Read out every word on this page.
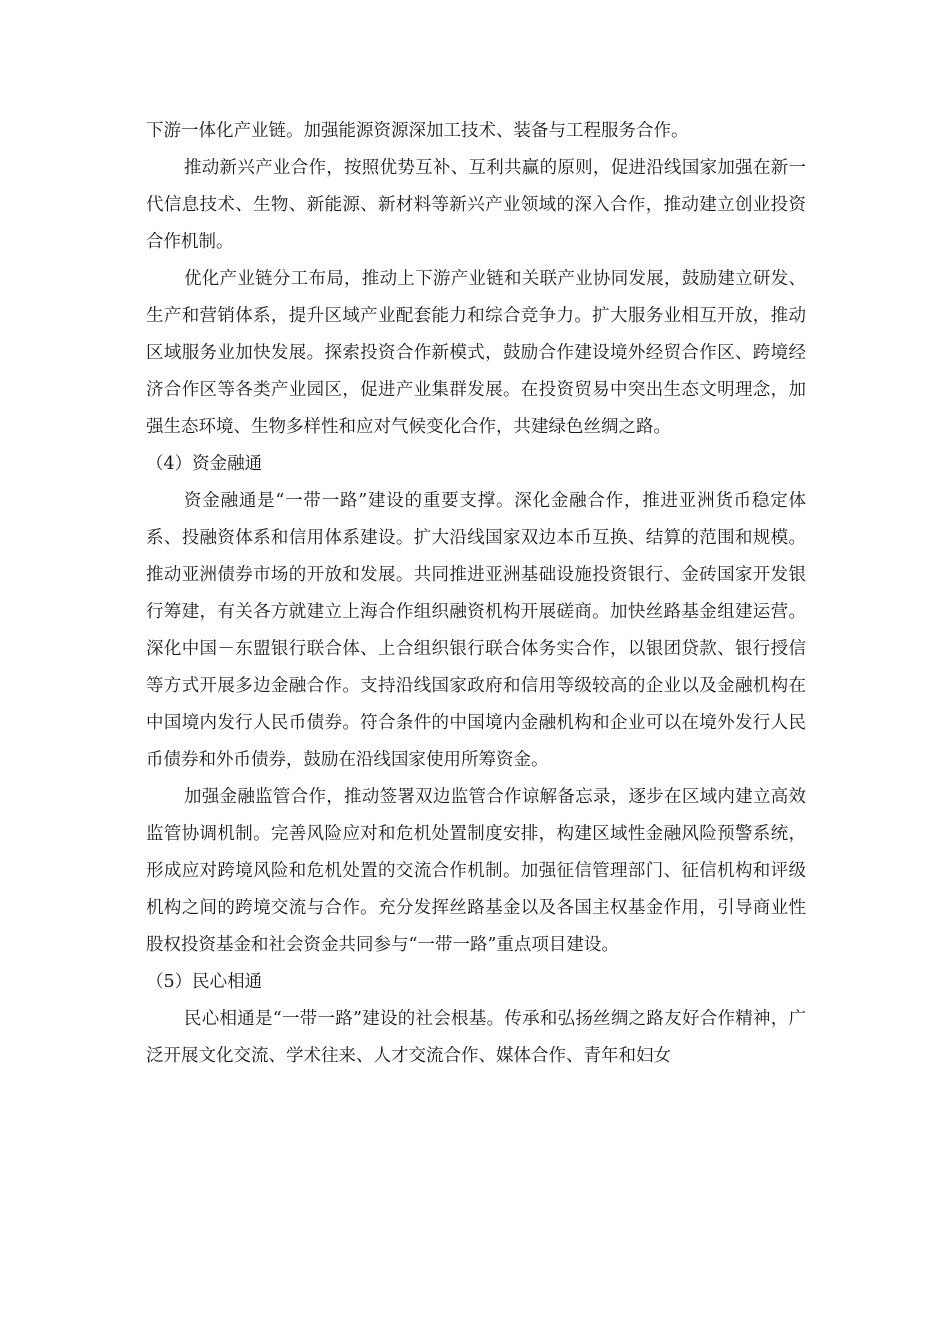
下游一体化产业链。加强能源资源深加工技术、装备与工程服务合作。

推动新兴产业合作，按照优势互补、互利共赢的原则，促进沿线国家加强在新一代信息技术、生物、新能源、新材料等新兴产业领域的深入合作，推动建立创业投资合作机制。

优化产业链分工布局，推动上下游产业链和关联产业协同发展，鼓励建立研发、生产和营销体系，提升区域产业配套能力和综合竞争力。扩大服务业相互开放，推动区域服务业加快发展。探索投资合作新模式，鼓励合作建设境外经贸合作区、跨境经济合作区等各类产业园区，促进产业集群发展。在投资贸易中突出生态文明理念，加强生态环境、生物多样性和应对气候变化合作，共建绿色丝绸之路。

（4）资金融通

资金融通是“一带一路”建设的重要支撑。深化金融合作，推进亚洲货币稳定体系、投融资体系和信用体系建设。扩大沿线国家双边本币互换、结算的范围和规模。推动亚洲债券市场的开放和发展。共同推进亚洲基础设施投资银行、金砖国家开发银行筹建，有关各方就建立上海合作组织融资机构开展磋商。加快丝路基金组建运营。深化中国－东盟银行联合体、上合组织银行联合体务实合作，以银团贷款、银行授信等方式开展多边金融合作。支持沿线国家政府和信用等级较高的企业以及金融机构在中国境内发行人民币债券。符合条件的中国境内金融机构和企业可以在境外发行人民币债券和外币债券，鼓励在沿线国家使用所筹资金。

加强金融监管合作，推动签署双边监管合作谅解备忘录，逐步在区域内建立高效监管协调机制。完善风险应对和危机处置制度安排，构建区域性金融风险预警系统，形成应对跨境风险和危机处置的交流合作机制。加强征信管理部门、征信机构和评级机构之间的跨境交流与合作。充分发挥丝路基金以及各国主权基金作用，引导商业性股权投资基金和社会资金共同参与“一带一路”重点项目建设。

（5）民心相通

民心相通是“一带一路”建设的社会根基。传承和弘扬丝绸之路友好合作精神，广泛开展文化交流、学术往来、人才交流合作、媒体合作、青年和妇女
